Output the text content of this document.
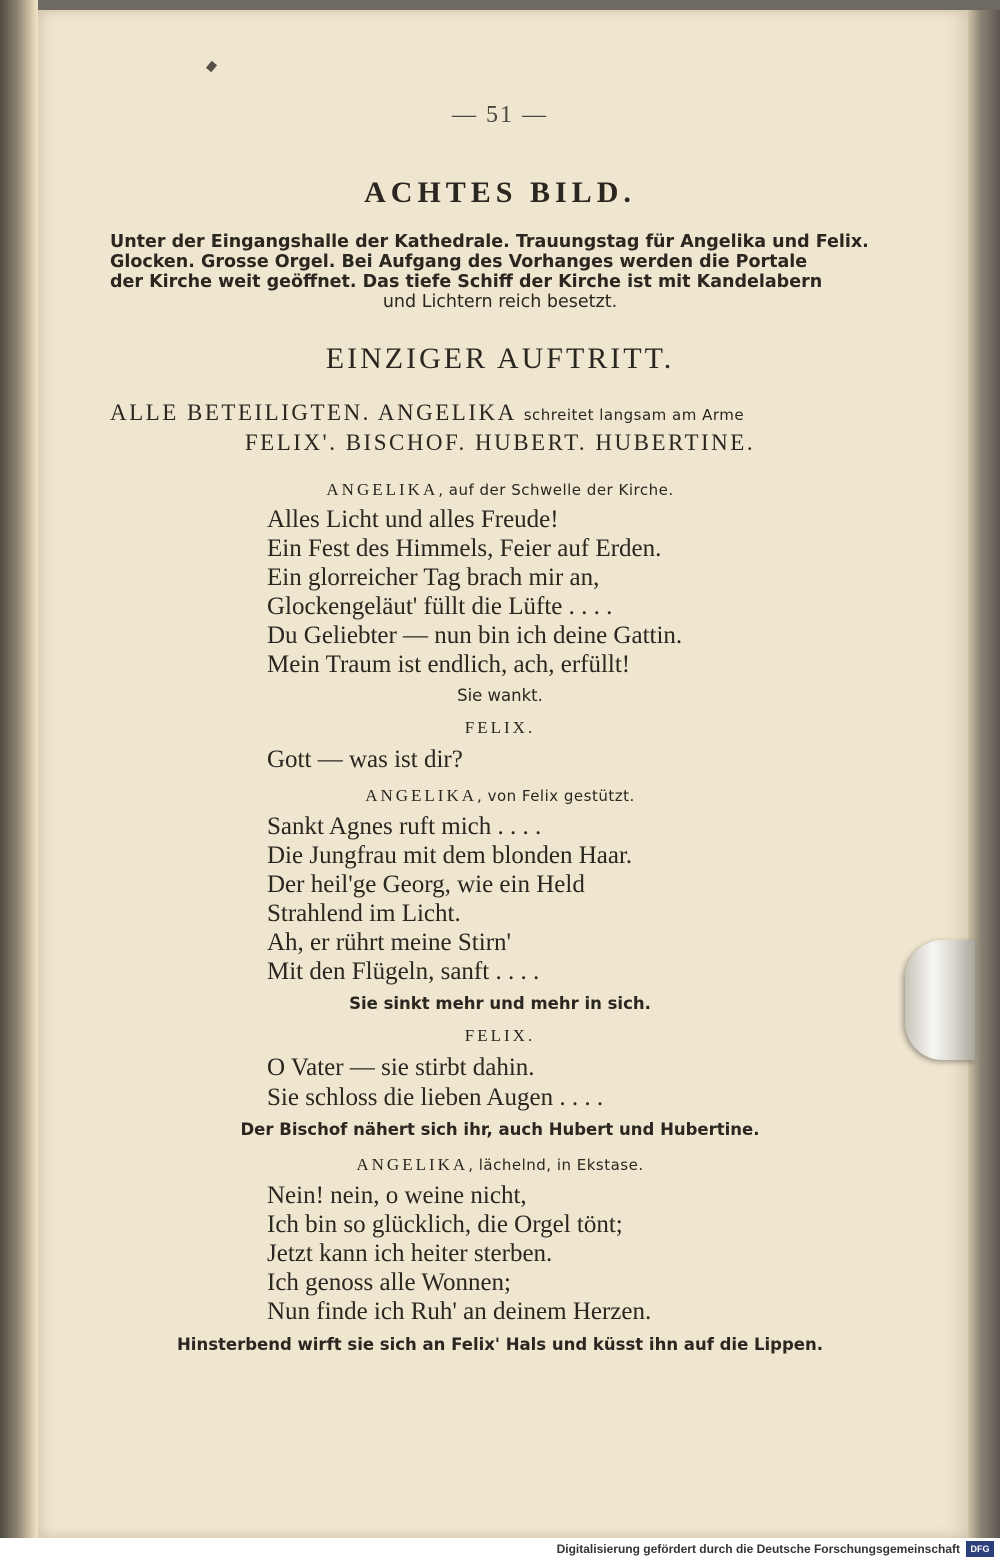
— 51 —
ACHTES BILD.
Unter der Eingangshalle der Kathedrale. Trauungstag für Angelika und Felix.
Glocken. Grosse Orgel. Bei Aufgang des Vorhanges werden die Portale
der Kirche weit geöffnet. Das tiefe Schiff der Kirche ist mit Kandelabern
und Lichtern reich besetzt.
EINZIGER AUFTRITT.
ALLE BETEILIGTEN. ANGELIKA schreitet langsam am Arme
FELIX'. BISCHOF. HUBERT. HUBERTINE.
ANGELIKA, auf der Schwelle der Kirche.
Alles Licht und alles Freude!
Ein Fest des Himmels, Feier auf Erden.
Ein glorreicher Tag brach mir an,
Glockengeläut' füllt die Lüfte . . . .
Du Geliebter — nun bin ich deine Gattin.
Mein Traum ist endlich, ach, erfüllt!
Sie wankt.
FELIX.
Gott — was ist dir?
ANGELIKA, von Felix gestützt.
Sankt Agnes ruft mich . . . .
Die Jungfrau mit dem blonden Haar.
Der heil'ge Georg, wie ein Held
Strahlend im Licht.
Ah, er rührt meine Stirn'
Mit den Flügeln, sanft . . . .
Sie sinkt mehr und mehr in sich.
FELIX.
O Vater — sie stirbt dahin.
Sie schloss die lieben Augen . . . .
Der Bischof nähert sich ihr, auch Hubert und Hubertine.
ANGELIKA, lächelnd, in Ekstase.
Nein! nein, o weine nicht,
Ich bin so glücklich, die Orgel tönt;
Jetzt kann ich heiter sterben.
Ich genoss alle Wonnen;
Nun finde ich Ruh' an deinem Herzen.
Hinsterbend wirft sie sich an Felix' Hals und küsst ihn auf die Lippen.
Digitalisierung gefördert durch die Deutsche Forschungsgemeinschaft	DFG
